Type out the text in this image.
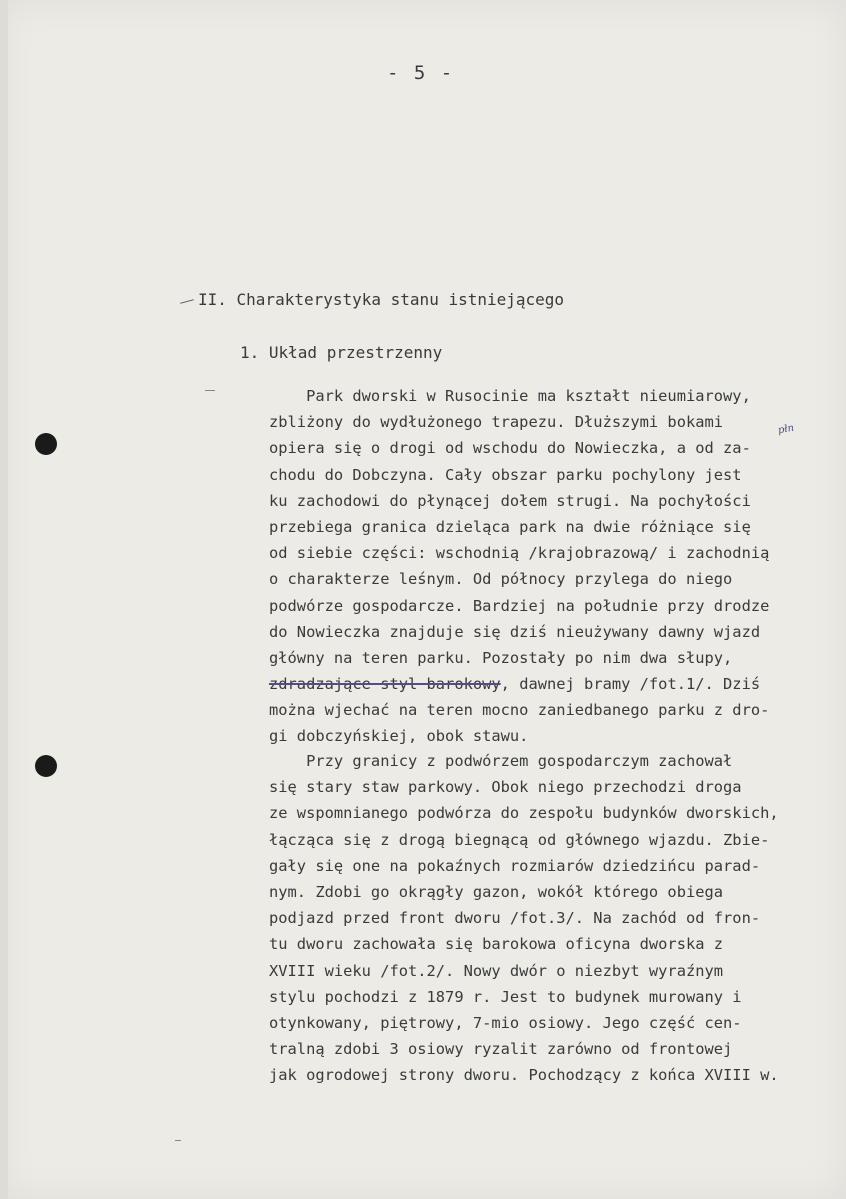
- 5 -
II. Charakterystyka stanu istniejącego
1. Układ przestrzenny
płn
Park dworski w Rusocinie ma kształt nieumiarowy,
zbliżony do wydłużonego trapezu. Dłuższymi bokami
opiera się o drogi od wschodu do Nowieczka, a od za-
chodu do Dobczyna. Cały obszar parku pochylony jest
ku zachodowi do płynącej dołem strugi. Na pochyłości
przebiega granica dzieląca park na dwie różniące się
od siebie części: wschodnią /krajobrazową/ i zachodnią
o charakterze leśnym. Od północy przylega do niego
podwórze gospodarcze. Bardziej na południe przy drodze
do Nowieczka znajduje się dziś nieużywany dawny wjazd
główny na teren parku. Pozostały po nim dwa słupy,
zdradzające styl barokowy, dawnej bramy /fot.1/. Dziś
można wjechać na teren mocno zaniedbanego parku z dro-
gi dobczyńskiej, obok stawu.
Przy granicy z podwórzem gospodarczym zachował
się stary staw parkowy. Obok niego przechodzi droga
ze wspomnianego podwórza do zespołu budynków dworskich,
łącząca się z drogą biegnącą od głównego wjazdu. Zbie-
gały się one na pokaźnych rozmiarów dziedzińcu parad-
nym. Zdobi go okrągły gazon, wokół którego obiega
podjazd przed front dworu /fot.3/. Na zachód od fron-
tu dworu zachowała się barokowa oficyna dworska z
XVIII wieku /fot.2/. Nowy dwór o niezbyt wyraźnym
stylu pochodzi z 1879 r. Jest to budynek murowany i
otynkowany, piętrowy, 7-mio osiowy. Jego część cen-
tralną zdobi 3 osiowy ryzalit zarówno od frontowej
jak ogrodowej strony dworu. Pochodzący z końca XVIII w.
